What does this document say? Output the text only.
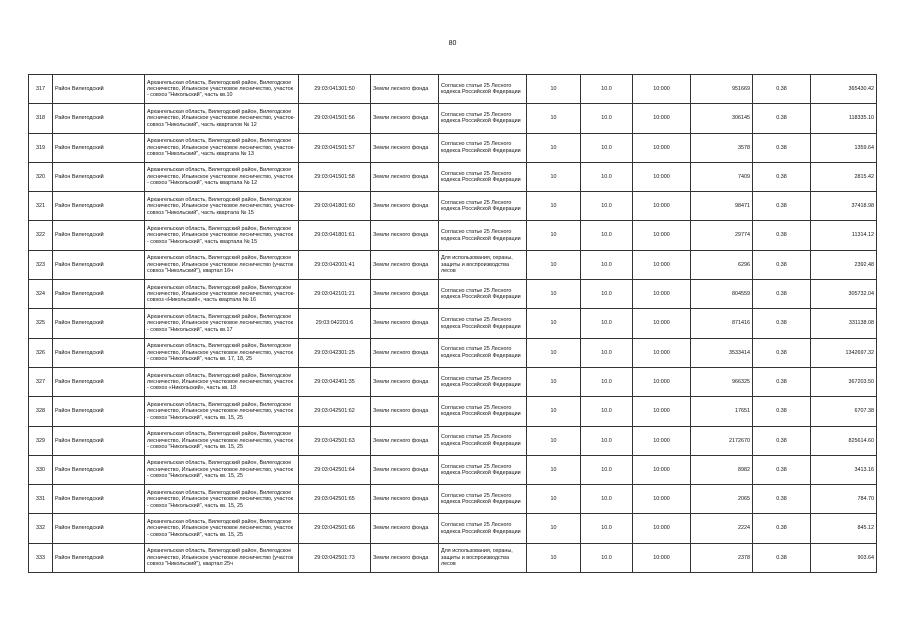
80
317	Район Вилегодский	Архангельская область, Вилегодский район, Вилегодское лесничество, Ильинское участковое лесничество, участок - совхоз "Никольский", часть кв.10	29:03:041301:50	Земли лесного фонда	Согласно статье 25 Лесного кодекса Российской Федерации	10	10.0	10:000	951669	0.38	365430.42
318	Район Вилегодский	Архангельская область, Вилегодский район, Вилегодское лесничество, Ильинское участковое лесничество, участок- совхоз "Никольский", часть кварталов № 12	29:03:041501:56	Земли лесного фонда	Согласно статье 25 Лесного кодекса Российской Федерации	10	10.0	10:000	306145	0.38	118335.10
319	Район Вилегодский	Архангельская область, Вилегодский район, Вилегодское лесничество, Ильинское участковое лесничество, участок- совхоз "Никольский", часть квартала № 13	29:03:041501:57	Земли лесного фонда	Согласно статье 25 Лесного кодекса Российской Федерации	10	10.0	10:000	3578	0.38	1359.64
320	Район Вилегодский	Архангельская область, Вилегодский район, Вилегодское лесничество, Ильинское участковое лесничество, участок - совхоз "Никольский", часть квартала № 12	29:03:041501:58	Земли лесного фонда	Согласно статье 25 Лесного кодекса Российской Федерации	10	10.0	10:000	7409	0.38	2815.42
321	Район Вилегодский	Архангельская область, Вилегодский район, Вилегодское лесничество, Ильинское участковое лесничество, участок- совхоз "Никольский", часть квартала № 15	29:03:041801:60	Земли лесного фонда	Согласно статье 25 Лесного кодекса Российской Федерации	10	10.0	10:000	98471	0.38	37418.98
322	Район Вилегодский	Архангельская область, Вилегодский район, Вилегодское лесничество, Ильинское участковое лесничество, участок - совхоз "Никольский", часть квартала № 15	29:03:041801:61	Земли лесного фонда	Согласно статье 25 Лесного кодекса Российской Федерации	10	10.0	10:000	29774	0.38	11314.12
323	Район Вилегодский	Архангельская область, Вилегодский район, Вилегодское лесничество, Ильинское участковое лесничество (участок совхоз "Никольский"), квартал 16ч	29:03:042001:41	Земли лесного фонда	Для использования, охраны, защиты и воспроизводства лесов	10	10.0	10:000	6296	0.38	2392.48
324	Район Вилегодский	Архангельская область, Вилегодский район, Вилегодское лесничество, Ильинское участковое лесничество, участок- совхоз «Никольский», часть квартала № 16	29:03:042101:21	Земли лесного фонда	Согласно статье 25 Лесного кодекса Российской Федерации	10	10.0	10:000	804559	0.38	305732.04
325	Район Вилегодский	Архангельская область, Вилегодский район, Вилегодское лесничество, Ильинское участковое лесничество, участок - совхоз "Никольский", часть кв.17	29:03:042201:6	Земли лесного фонда	Согласно статье 25 Лесного кодекса Российской Федерации	10	10.0	10:000	871416	0.38	331138.08
326	Район Вилегодский	Архангельская область, Вилегодский район, Вилегодское лесничество, Ильинское участковое лесничество, участок - совхоз "Никольский", часть кв. 17, 18, 25	29:03:042301:25	Земли лесного фонда	Согласно статье 25 Лесного кодекса Российской Федерации	10	10.0	10:000	3533414	0.38	1342697.32
327	Район Вилегодский	Архангельская область, Вилегодский район, Вилегодское лесничество, Ильинское участковое лесничество, участок - совхоз «Никольский», часть кв. 18	29:03:042401:35	Земли лесного фонда	Согласно статье 25 Лесного кодекса Российской Федерации	10	10.0	10:000	966325	0.38	367203.50
328	Район Вилегодский	Архангельская область, Вилегодский район, Вилегодское лесничество, Ильинское участковое лесничество, участок - совхоз "Никольский", часть кв. 15, 25	29:03:042501:62	Земли лесного фонда	Согласно статье 25 Лесного кодекса Российской Федерации	10	10.0	10:000	17651	0.38	6707.38
329	Район Вилегодский	Архангельская область, Вилегодский район, Вилегодское лесничество, Ильинское участковое лесничество, участок - совхоз "Никольский", часть кв. 15, 25	29:03:042501:63	Земли лесного фонда	Согласно статье 25 Лесного кодекса Российской Федерации	10	10.0	10:000	2172670	0.38	825614.60
330	Район Вилегодский	Архангельская область, Вилегодский район, Вилегодское лесничество, Ильинское участковое лесничество, участок - совхоз "Никольский", часть кв. 15, 25	29:03:042501:64	Земли лесного фонда	Согласно статье 25 Лесного кодекса Российской Федерации	10	10.0	10:000	8982	0.38	3413.16
331	Район Вилегодский	Архангельская область, Вилегодский район, Вилегодское лесничество, Ильинское участковое лесничество, участок - совхоз "Никольский", часть кв. 15, 25	29:03:042501:65	Земли лесного фонда	Согласно статье 25 Лесного кодекса Российской Федерации	10	10.0	10:000	2065	0.38	784.70
332	Район Вилегодский	Архангельская область, Вилегодский район, Вилегодское лесничество, Ильинское участковое лесничество, участок - совхоз "Никольский", часть кв. 15, 25	29:03:042501:66	Земли лесного фонда	Согласно статье 25 Лесного кодекса Российской Федерации	10	10.0	10:000	2224	0.38	845.12
333	Район Вилегодский	Архангельская область, Вилегодский район, Вилегодское лесничество, Ильинское участковое лесничество (участок совхоз "Никольский"), квартал 25ч	29:03:042501:73	Земли лесного фонда	Для использования, охраны, защиты и воспроизводства лесов	10	10.0	10:000	2378	0.38	903.64
